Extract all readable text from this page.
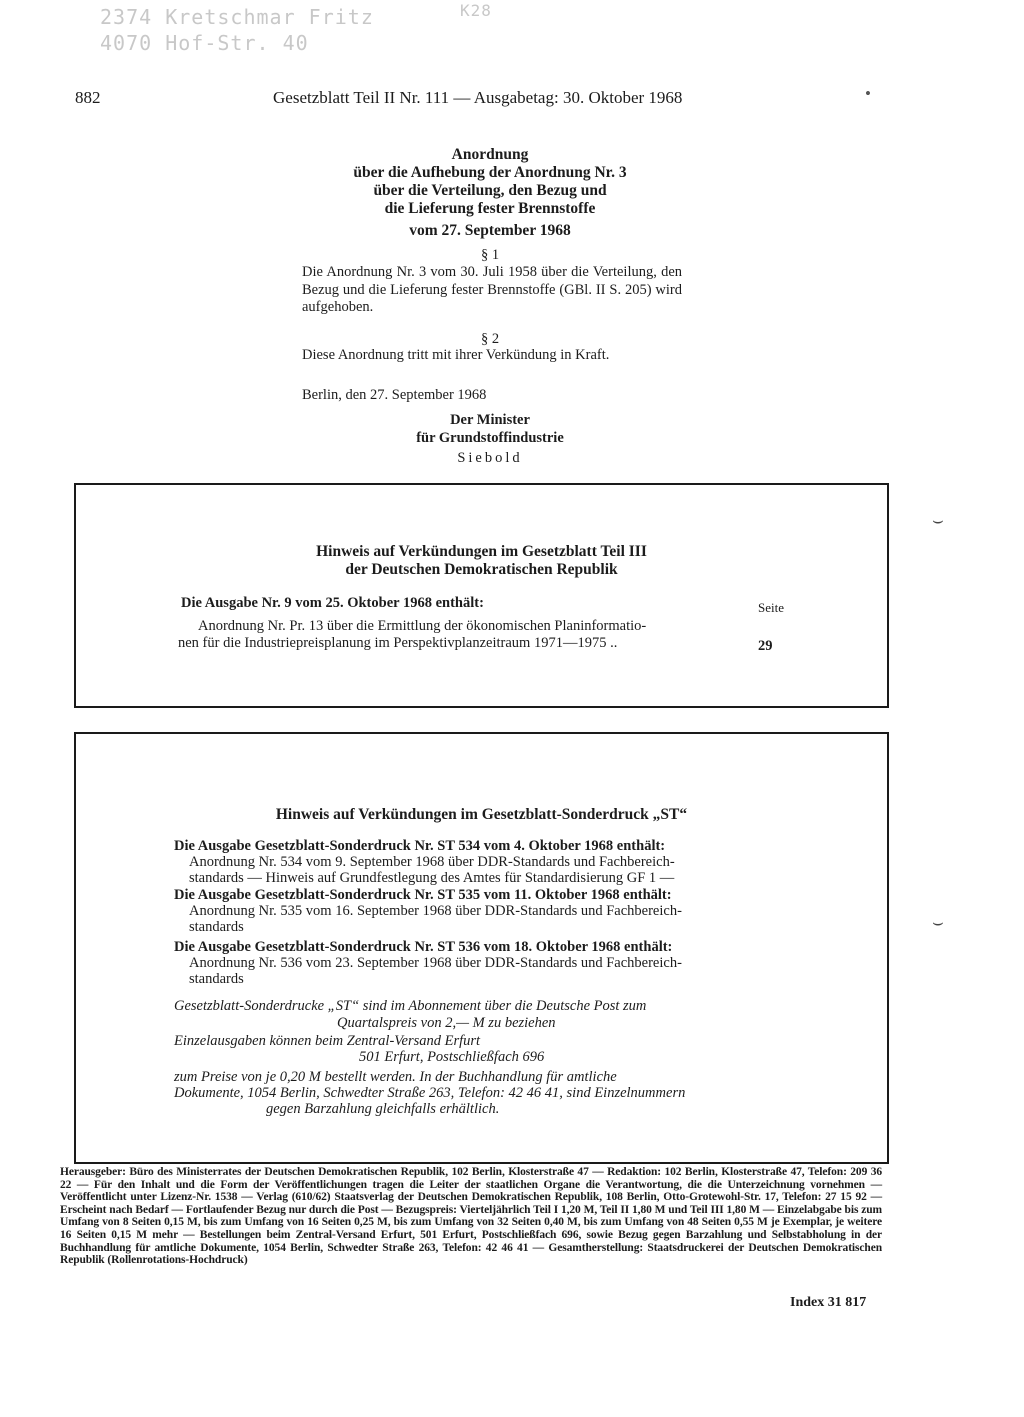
2374 Kretschmar Fritz
4070 Hof-Str. 40
K28
882	Gesetzblatt Teil II Nr. 111 — Ausgabetag: 30. Oktober 1968	•
Anordnung
über die Aufhebung der Anordnung Nr. 3
über die Verteilung, den Bezug und
die Lieferung fester Brennstoffe
vom 27. September 1968
§ 1
Die Anordnung Nr. 3 vom 30. Juli 1958 über die Verteilung, den Bezug und die Lieferung fester Brennstoffe (GBl. II S. 205) wird aufgehoben.
§ 2
Diese Anordnung tritt mit ihrer Verkündung in Kraft.
Berlin, den 27. September 1968
Der Minister
für Grundstoffindustrie
Siebold
Hinweis auf Verkündungen im Gesetzblatt Teil III
der Deutschen Demokratischen Republik
Die Ausgabe Nr. 9 vom 25. Oktober 1968 enthält:	Seite
Anordnung Nr. Pr. 13 über die Ermittlung der ökonomischen Planinformatio-
nen für die Industriepreisplanung im Perspektivplanzeitraum 1971—1975 ..	29
Hinweis auf Verkündungen im Gesetzblatt-Sonderdruck „ST“
Die Ausgabe Gesetzblatt-Sonderdruck Nr. ST 534 vom 4. Oktober 1968 enthält:
Anordnung Nr. 534 vom 9. September 1968 über DDR-Standards und Fachbereich-
standards — Hinweis auf Grundfestlegung des Amtes für Standardisierung GF 1 —
Die Ausgabe Gesetzblatt-Sonderdruck Nr. ST 535 vom 11. Oktober 1968 enthält:
Anordnung Nr. 535 vom 16. September 1968 über DDR-Standards und Fachbereich-
standards
Die Ausgabe Gesetzblatt-Sonderdruck Nr. ST 536 vom 18. Oktober 1968 enthält:
Anordnung Nr. 536 vom 23. September 1968 über DDR-Standards und Fachbereich-
standards
Gesetzblatt-Sonderdrucke „ST“ sind im Abonnement über die Deutsche Post zum
Quartalspreis von 2,— M zu beziehen
Einzelausgaben können beim Zentral-Versand Erfurt
501 Erfurt, Postschließfach 696
zum Preise von je 0,20 M bestellt werden. In der Buchhandlung für amtliche
Dokumente, 1054 Berlin, Schwedter Straße 263, Telefon: 42 46 41, sind Einzelnummern
gegen Barzahlung gleichfalls erhältlich.
⌣
⌣
Herausgeber: Büro des Ministerrates der Deutschen Demokratischen Republik, 102 Berlin, Klosterstraße 47 — Redaktion: 102 Berlin, Klosterstraße 47, Telefon: 209 36 22 — Für den Inhalt und die Form der Veröffentlichungen tragen die Leiter der staatlichen Organe die Verantwortung, die die Unterzeichnung vornehmen — Veröffentlicht unter Lizenz-Nr. 1538 — Verlag (610/62) Staatsverlag der Deutschen Demokratischen Republik, 108 Berlin, Otto-Grotewohl-Str. 17, Telefon: 27 15 92 — Erscheint nach Bedarf — Fortlaufender Bezug nur durch die Post — Bezugspreis: Vierteljährlich Teil I 1,20 M, Teil II 1,80 M und Teil III 1,80 M — Einzelabgabe bis zum Umfang von 8 Seiten 0,15 M, bis zum Umfang von 16 Seiten 0,25 M, bis zum Umfang von 32 Seiten 0,40 M, bis zum Umfang von 48 Seiten 0,55 M je Exemplar, je weitere 16 Seiten 0,15 M mehr — Bestellungen beim Zentral-Versand Erfurt, 501 Erfurt, Postschließfach 696, sowie Bezug gegen Barzahlung und Selbstabholung in der Buchhandlung für amtliche Dokumente, 1054 Berlin, Schwedter Straße 263, Telefon: 42 46 41 — Gesamtherstellung: Staatsdruckerei der Deutschen Demokratischen Republik (Rollenrotations-Hochdruck)
Index 31 817
